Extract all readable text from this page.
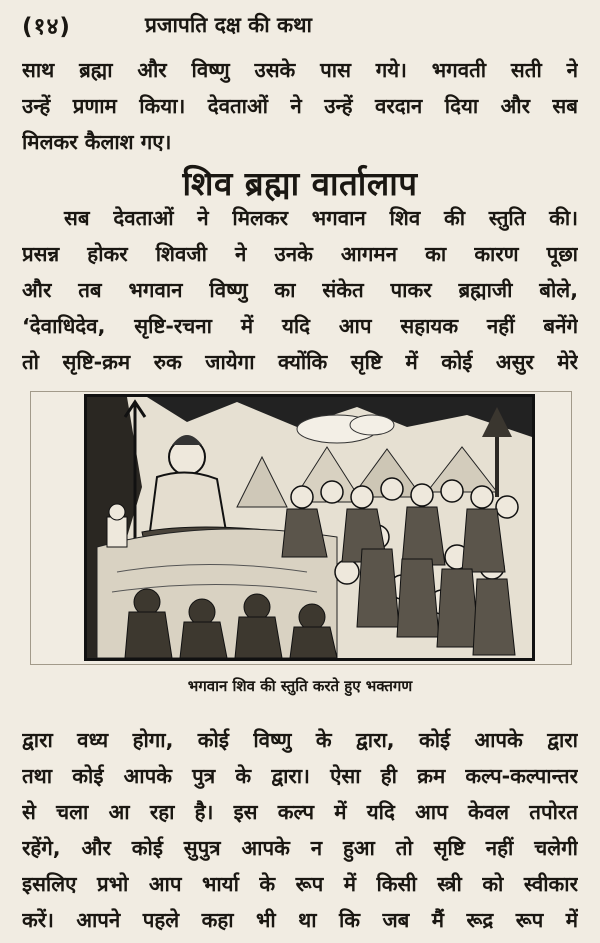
(१४)	प्रजापति दक्ष की कथा

साथ ब्रह्मा और विष्णु उसके पास गये। भगवती सती ने
उन्हें प्रणाम किया। देवताओं ने उन्हें वरदान दिया और सब
मिलकर कैलाश गए।

शिव ब्रह्मा वार्तालाप

सब देवताओं ने मिलकर भगवान शिव की स्तुति की।
प्रसन्न होकर शिवजी ने उनके आगमन का कारण पूछा
और तब भगवान विष्णु का संकेत पाकर ब्रह्माजी बोले,
‘देवाधिदेव, सृष्टि-रचना में यदि आप सहायक नहीं बनेंगे
तो सृष्टि-क्रम रुक जायेगा क्योंकि सृष्टि में कोई असुर मेरे

भगवान शिव की स्तुति करते हुए भक्तगण

द्वारा वध्य होगा, कोई विष्णु के द्वारा, कोई आपके द्वारा
तथा कोई आपके पुत्र के द्वारा। ऐसा ही क्रम कल्प-कल्पान्तर
से चला आ रहा है। इस कल्प में यदि आप केवल तपोरत
रहेंगे, और कोई सुपुत्र आपके न हुआ तो सृष्टि नहीं चलेगी
इसलिए प्रभो आप भार्या के रूप में किसी स्त्री को स्वीकार
करें। आपने पहले कहा भी था कि जब मैं रूद्र रूप में
